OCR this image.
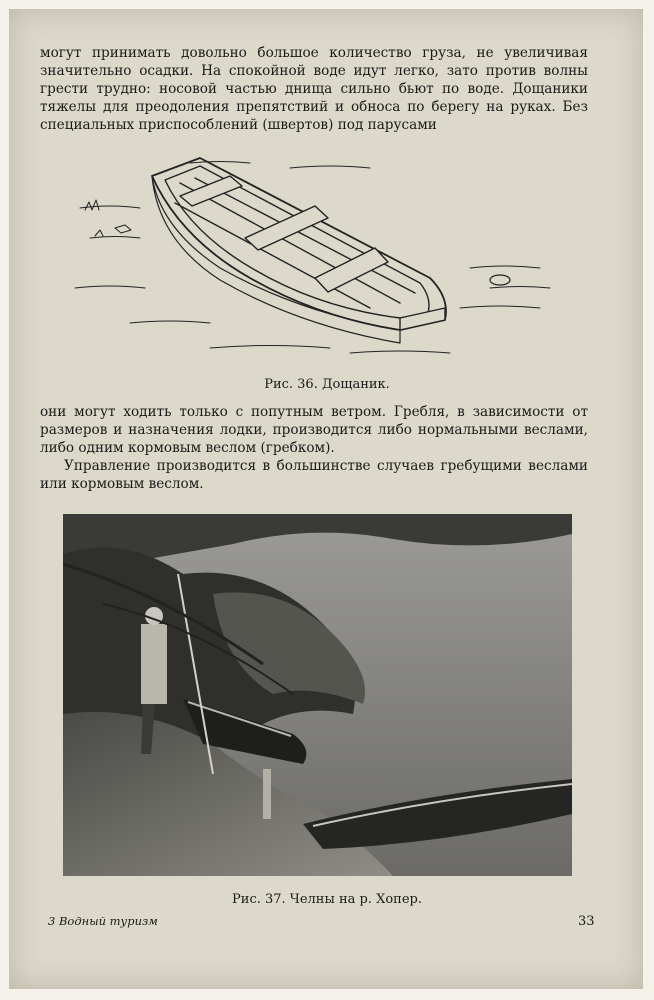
могут принимать довольно большое количество груза, не увеличивая значительно осадки. На спокойной воде идут легко, зато против волны грести трудно: носовой частью днища сильно бьют по воде. Дощаники тяжелы для преодоления препятствий и обноса по берегу на руках. Без специальных приспособлений (швертов) под парусами

Рис. 36. Дощаник.

они могут ходить только с попутным ветром. Гребля, в зависимости от размеров и назначения лодки, производится либо нормальными веслами, либо одним кормовым веслом (гребком).

Управление производится в большинстве случаев гребущими веслами или кормовым веслом.

Рис. 37. Челны на р. Хопер.
3 Водный туризм	33
